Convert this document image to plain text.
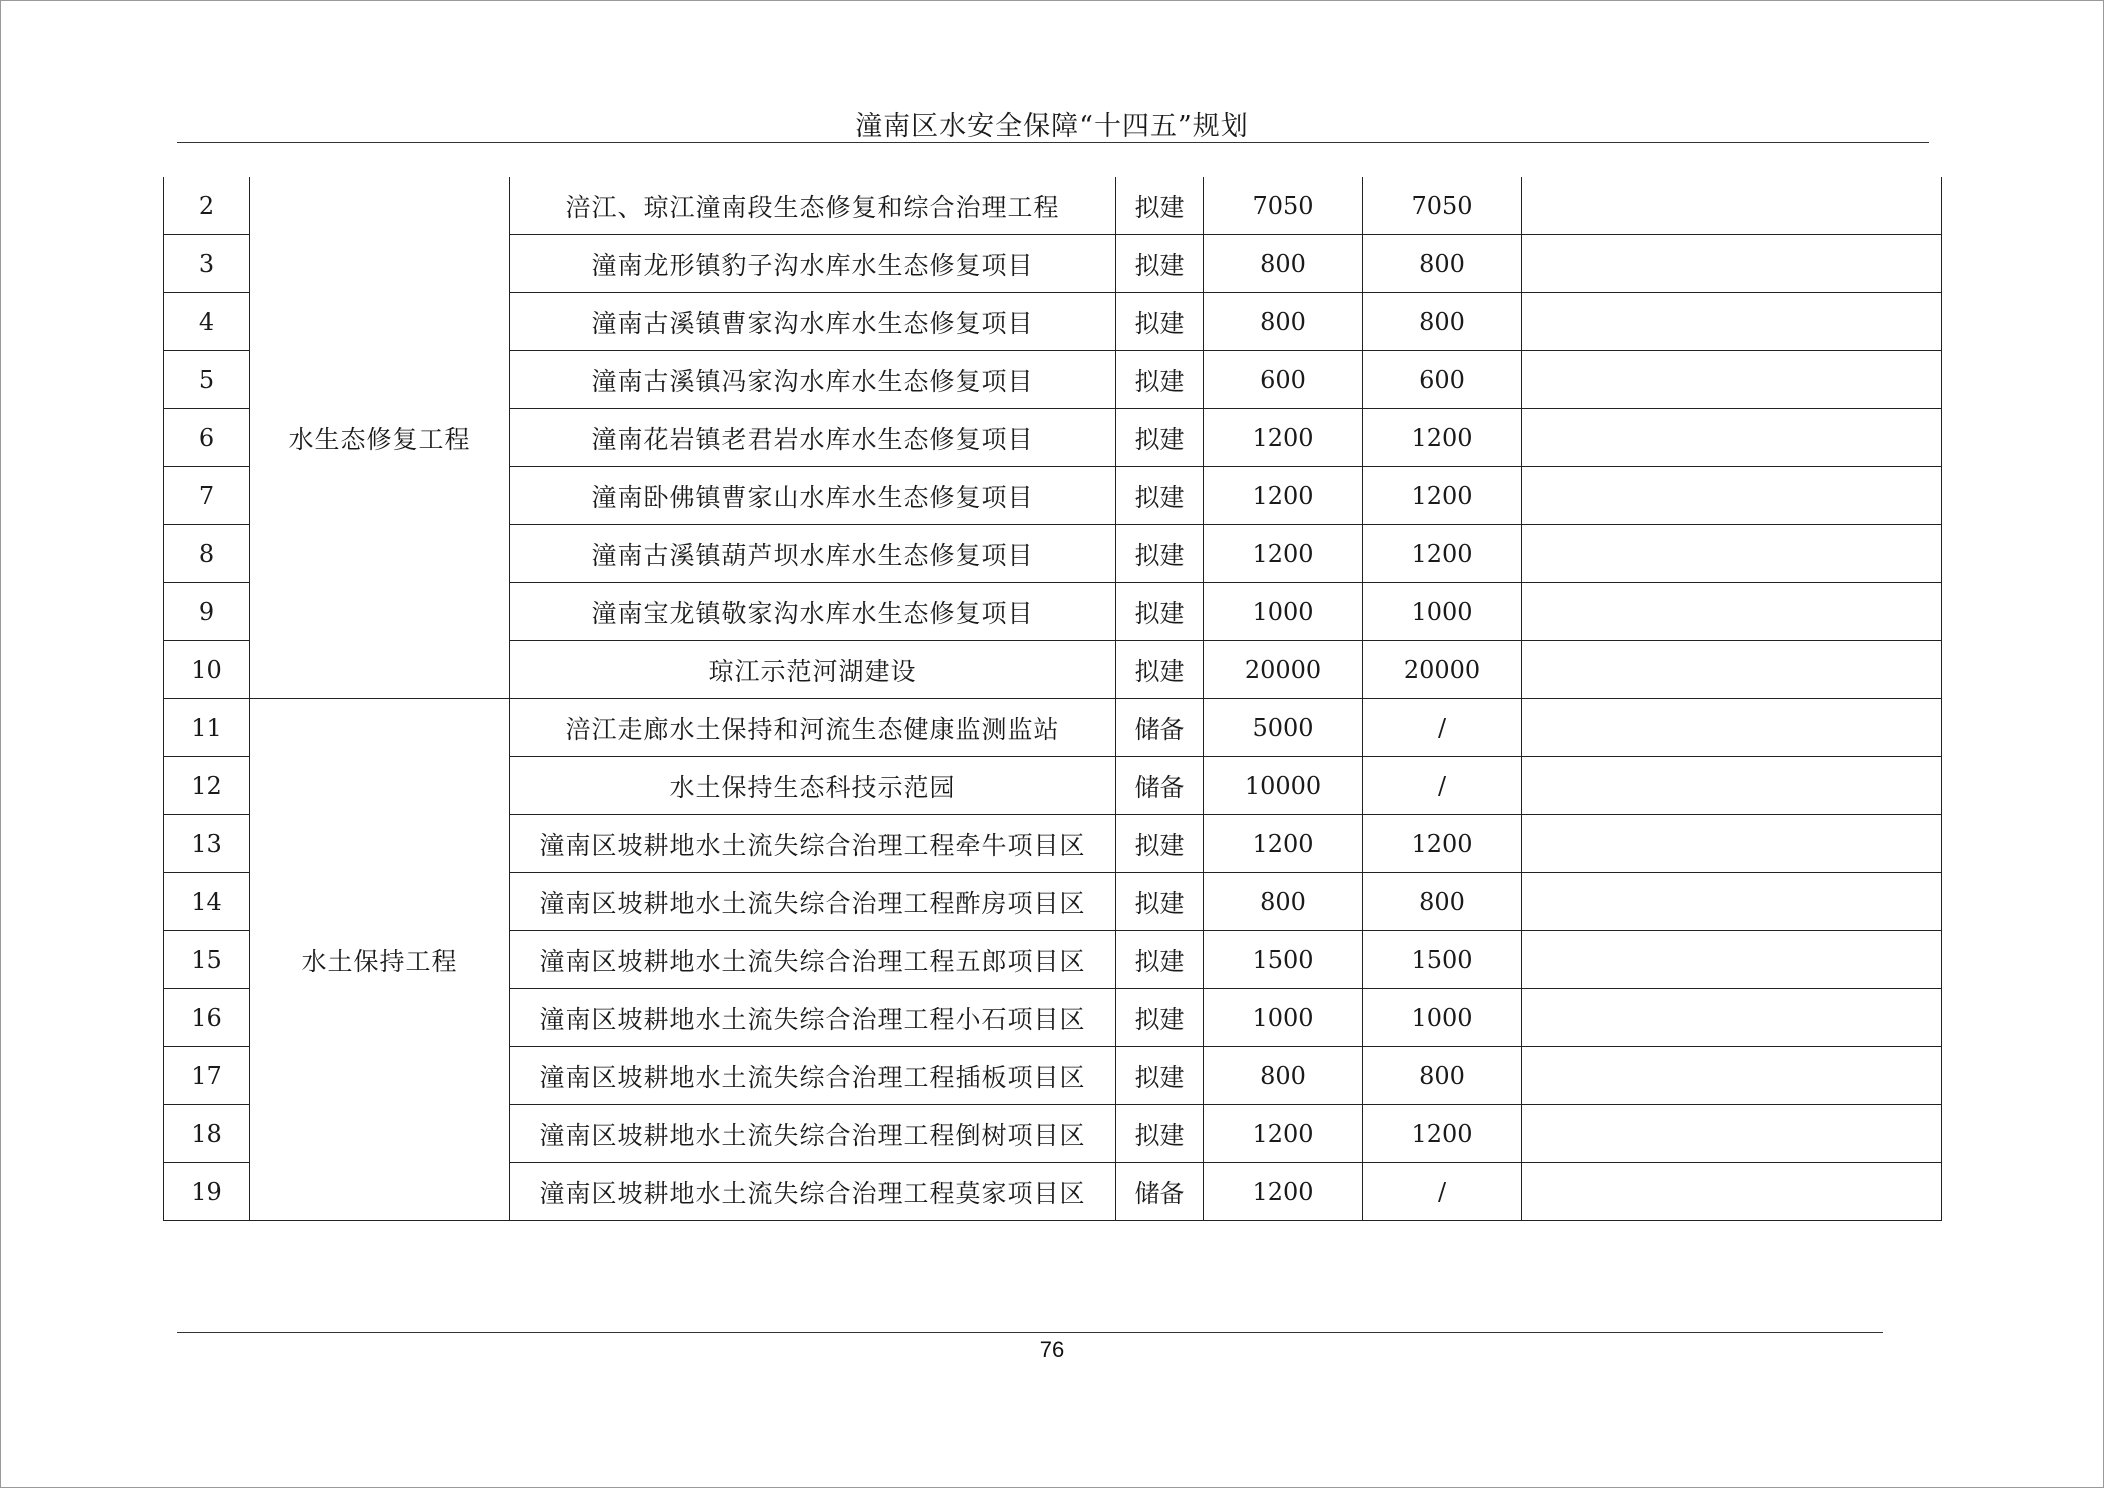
潼南区水安全保障“十四五”规划
2	水生态修复工程	涪江、琼江潼南段生态修复和综合治理工程	拟建	7050	7050	
3		潼南龙形镇豹子沟水库水生态修复项目	拟建	800	800	
4		潼南古溪镇曹家沟水库水生态修复项目	拟建	800	800	
5		潼南古溪镇冯家沟水库水生态修复项目	拟建	600	600	
6		潼南花岩镇老君岩水库水生态修复项目	拟建	1200	1200	
7		潼南卧佛镇曹家山水库水生态修复项目	拟建	1200	1200	
8		潼南古溪镇葫芦坝水库水生态修复项目	拟建	1200	1200	
9		潼南宝龙镇敬家沟水库水生态修复项目	拟建	1000	1000	
10		琼江示范河湖建设	拟建	20000	20000	
11	水土保持工程	涪江走廊水土保持和河流生态健康监测监站	储备	5000	/	
12		水土保持生态科技示范园	储备	10000	/	
13		潼南区坡耕地水土流失综合治理工程牵牛项目区	拟建	1200	1200	
14		潼南区坡耕地水土流失综合治理工程酢房项目区	拟建	800	800	
15		潼南区坡耕地水土流失综合治理工程五郎项目区	拟建	1500	1500	
16		潼南区坡耕地水土流失综合治理工程小石项目区	拟建	1000	1000	
17		潼南区坡耕地水土流失综合治理工程插板项目区	拟建	800	800	
18		潼南区坡耕地水土流失综合治理工程倒树项目区	拟建	1200	1200	
19		潼南区坡耕地水土流失综合治理工程莫家项目区	储备	1200	/	
76
